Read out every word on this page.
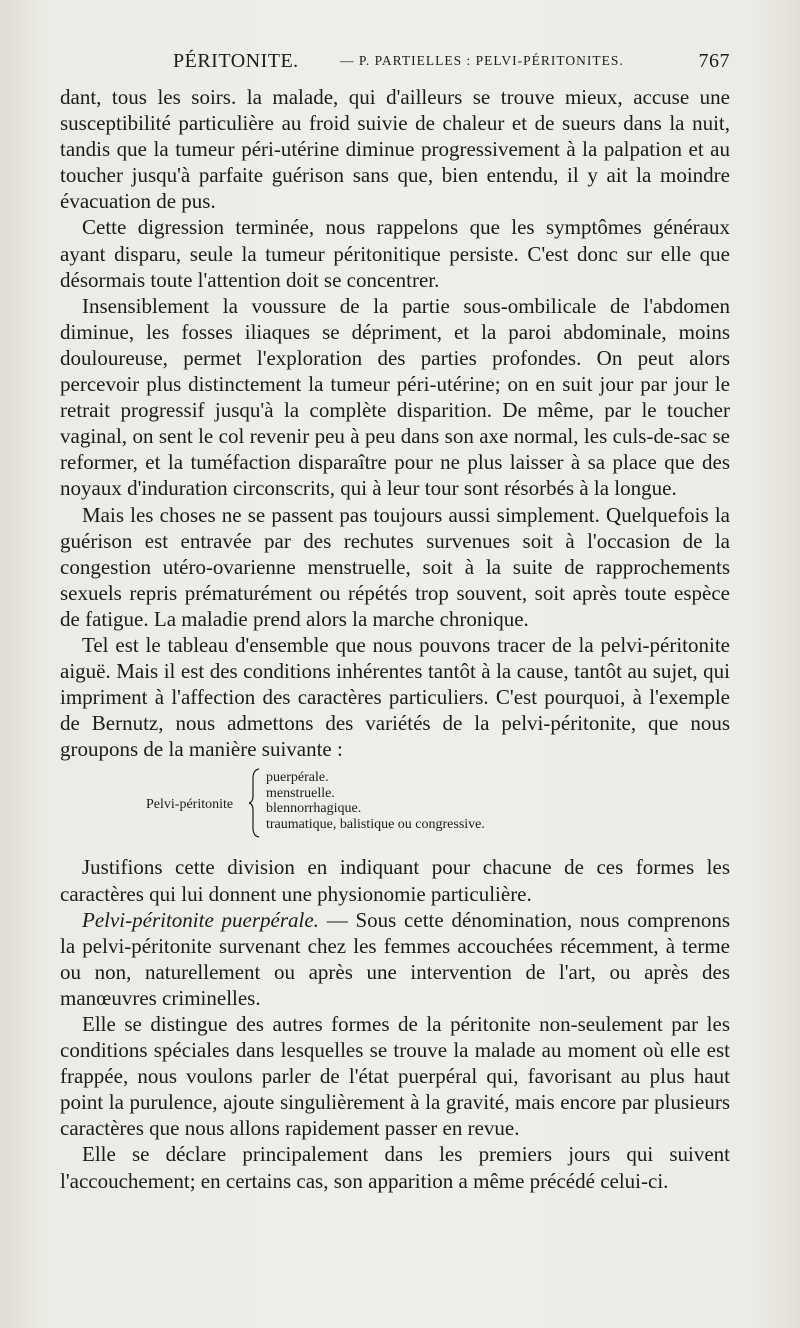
PÉRITONITE.	— P. PARTIELLES : PELVI-PÉRITONITES.	767

dant, tous les soirs. la malade, qui d'ailleurs se trouve mieux, accuse une susceptibilité particulière au froid suivie de chaleur et de sueurs dans la nuit, tandis que la tumeur péri-utérine diminue progressivement à la palpation et au toucher jusqu'à parfaite guérison sans que, bien entendu, il y ait la moindre évacuation de pus.

Cette digression terminée, nous rappelons que les symptômes généraux ayant disparu, seule la tumeur péritonitique persiste. C'est donc sur elle que désormais toute l'attention doit se concentrer.

Insensiblement la voussure de la partie sous-ombilicale de l'abdomen diminue, les fosses iliaques se dépriment, et la paroi abdominale, moins douloureuse, permet l'exploration des parties profondes. On peut alors percevoir plus distinctement la tumeur péri-utérine; on en suit jour par jour le retrait progressif jusqu'à la complète disparition. De même, par le toucher vaginal, on sent le col revenir peu à peu dans son axe normal, les culs-de-sac se reformer, et la tuméfaction disparaître pour ne plus laisser à sa place que des noyaux d'induration circonscrits, qui à leur tour sont résorbés à la longue.

Mais les choses ne se passent pas toujours aussi simplement. Quelquefois la guérison est entravée par des rechutes survenues soit à l'occasion de la congestion utéro-ovarienne menstruelle, soit à la suite de rapprochements sexuels repris prématurément ou répétés trop souvent, soit après toute espèce de fatigue. La maladie prend alors la marche chronique.

Tel est le tableau d'ensemble que nous pouvons tracer de la pelvi-péritonite aiguë. Mais il est des conditions inhérentes tantôt à la cause, tantôt au sujet, qui impriment à l'affection des caractères particuliers. C'est pourquoi, à l'exemple de Bernutz, nous admettons des variétés de la pelvi-péritonite, que nous groupons de la manière suivante :

Pelvi-péritonite
puerpérale.
menstruelle.
blennorrhagique.
traumatique, balistique ou congressive.

Justifions cette division en indiquant pour chacune de ces formes les caractères qui lui donnent une physionomie particulière.

Pelvi-péritonite puerpérale. — Sous cette dénomination, nous comprenons la pelvi-péritonite survenant chez les femmes accouchées récemment, à terme ou non, naturellement ou après une intervention de l'art, ou après des manœuvres criminelles.

Elle se distingue des autres formes de la péritonite non-seulement par les conditions spéciales dans lesquelles se trouve la malade au moment où elle est frappée, nous voulons parler de l'état puerpéral qui, favorisant au plus haut point la purulence, ajoute singulièrement à la gravité, mais encore par plusieurs caractères que nous allons rapidement passer en revue.

Elle se déclare principalement dans les premiers jours qui suivent l'accouchement; en certains cas, son apparition a même précédé celui-ci.
